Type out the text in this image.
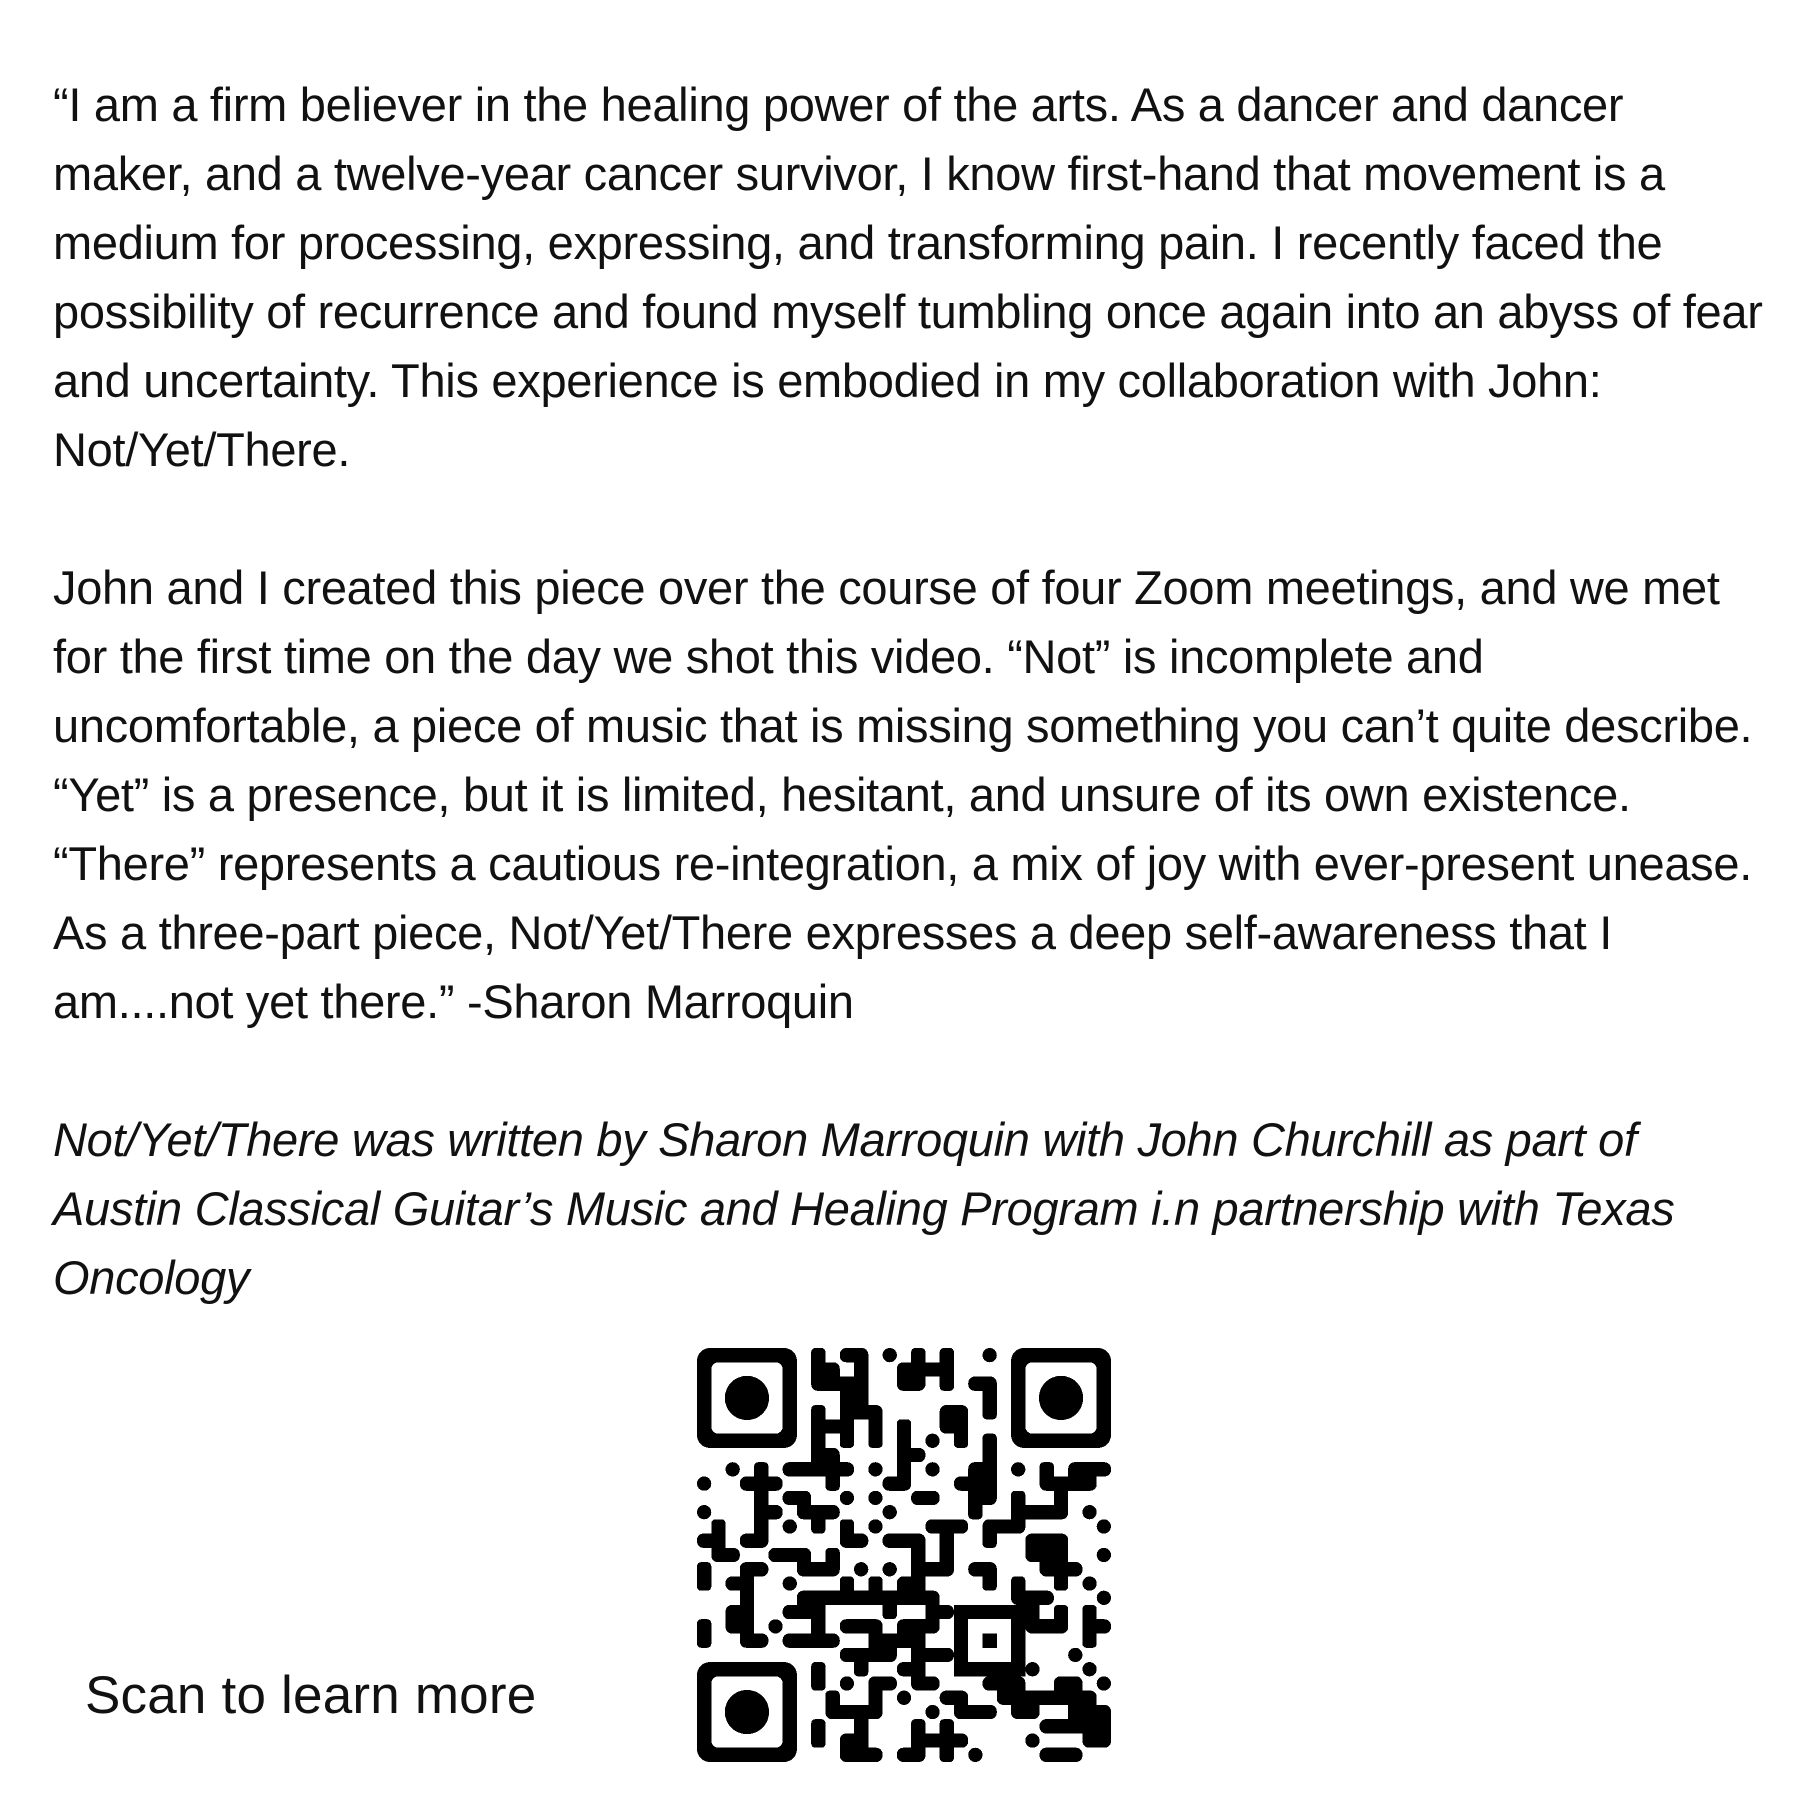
“I am a firm believer in the healing power of the arts. As a dancer and dancer maker, and a twelve-year cancer survivor, I know first-hand that movement is a medium for processing, expressing, and transforming pain. I recently faced the possibility of recurrence and found myself tumbling once again into an abyss of fear and uncertainty. This experience is embodied in my collaboration with John: Not/Yet/There.

John and I created this piece over the course of four Zoom meetings, and we met for the first time on the day we shot this video. “Not” is incomplete and uncomfortable, a piece of music that is missing something you can’t quite describe. “Yet” is a presence, but it is limited, hesitant, and unsure of its own existence. “There” represents a cautious re-integration, a mix of joy with ever-present unease. As a three-part piece, Not/Yet/There expresses a deep self-awareness that I am....not yet there.” -Sharon Marroquin

Not/Yet/There was written by Sharon Marroquin with John Churchill as part of Austin Classical Guitar’s Music and Healing Program i.n partnership with Texas Oncology

Scan to learn more
